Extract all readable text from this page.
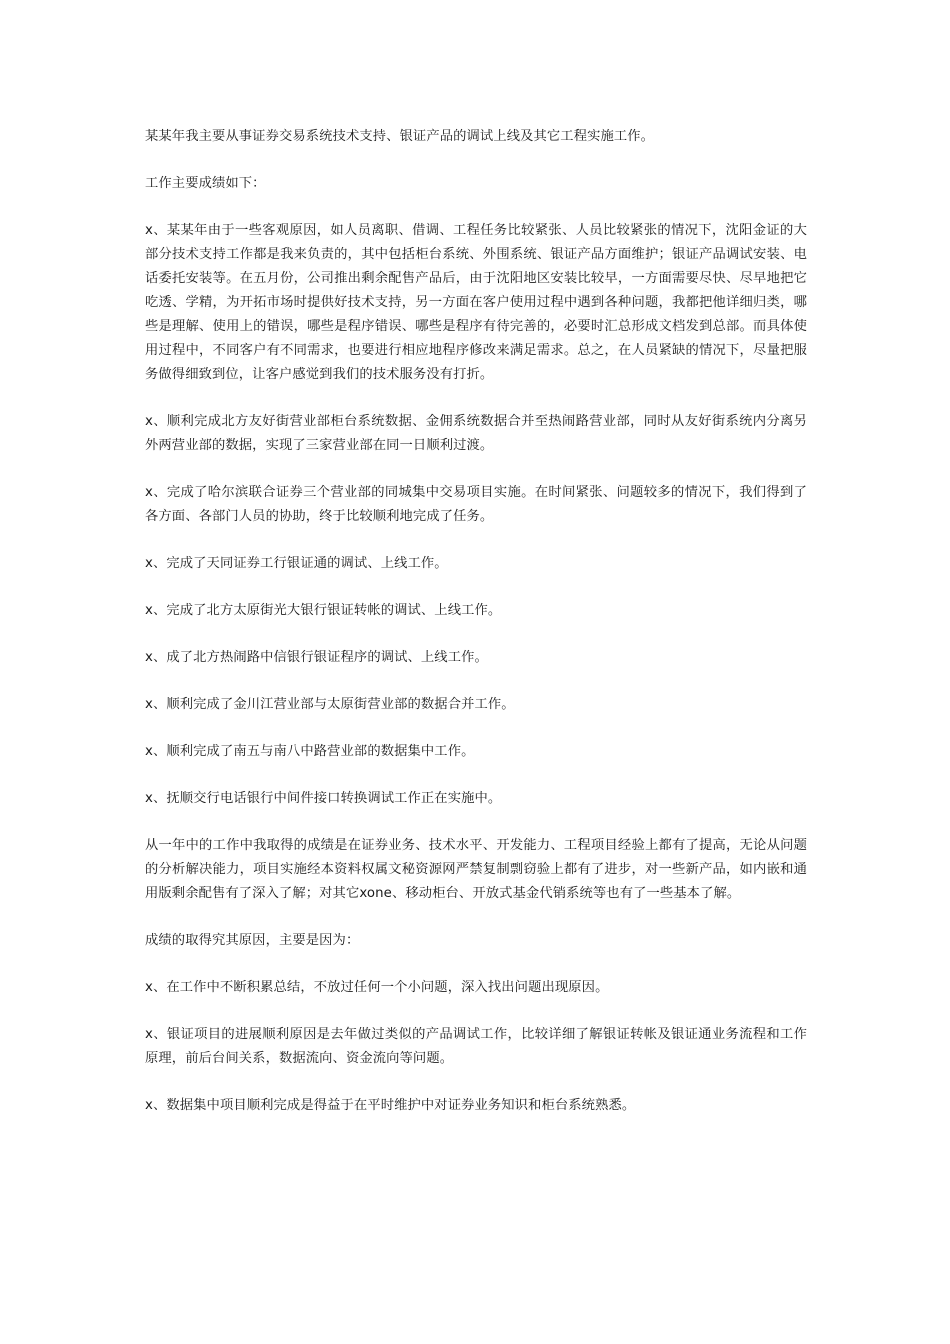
某某年我主要从事证券交易系统技术支持、银证产品的调试上线及其它工程实施工作。

工作主要成绩如下：

x、某某年由于一些客观原因，如人员离职、借调、工程任务比较紧张、人员比较紧张的情况下，沈阳金证的大部分技术支持工作都是我来负责的，其中包括柜台系统、外围系统、银证产品方面维护；银证产品调试安装、电话委托安装等。在五月份，公司推出剩余配售产品后，由于沈阳地区安装比较早，一方面需要尽快、尽早地把它吃透、学精，为开拓市场时提供好技术支持，另一方面在客户使用过程中遇到各种问题，我都把他详细归类，哪些是理解、使用上的错误，哪些是程序错误、哪些是程序有待完善的，必要时汇总形成文档发到总部。而具体使用过程中，不同客户有不同需求，也要进行相应地程序修改来满足需求。总之，在人员紧缺的情况下，尽量把服务做得细致到位，让客户感觉到我们的技术服务没有打折。

x、顺利完成北方友好街营业部柜台系统数据、金佣系统数据合并至热闹路营业部，同时从友好街系统内分离另外两营业部的数据，实现了三家营业部在同一日顺利过渡。

x、完成了哈尔滨联合证券三个营业部的同城集中交易项目实施。在时间紧张、问题较多的情况下，我们得到了各方面、各部门人员的协助，终于比较顺利地完成了任务。

x、完成了天同证券工行银证通的调试、上线工作。

x、完成了北方太原街光大银行银证转帐的调试、上线工作。

x、成了北方热闹路中信银行银证程序的调试、上线工作。

x、顺利完成了金川江营业部与太原街营业部的数据合并工作。

x、顺利完成了南五与南八中路营业部的数据集中工作。

x、抚顺交行电话银行中间件接口转换调试工作正在实施中。

从一年中的工作中我取得的成绩是在证券业务、技术水平、开发能力、工程项目经验上都有了提高，无论从问题的分析解决能力，项目实施经本资料权属文秘资源网严禁复制剽窃验上都有了进步，对一些新产品，如内嵌和通用版剩余配售有了深入了解；对其它xone、移动柜台、开放式基金代销系统等也有了一些基本了解。

成绩的取得究其原因，主要是因为：

x、在工作中不断积累总结，不放过任何一个小问题，深入找出问题出现原因。

x、银证项目的进展顺利原因是去年做过类似的产品调试工作，比较详细了解银证转帐及银证通业务流程和工作原理，前后台间关系，数据流向、资金流向等问题。

x、数据集中项目顺利完成是得益于在平时维护中对证券业务知识和柜台系统熟悉。
